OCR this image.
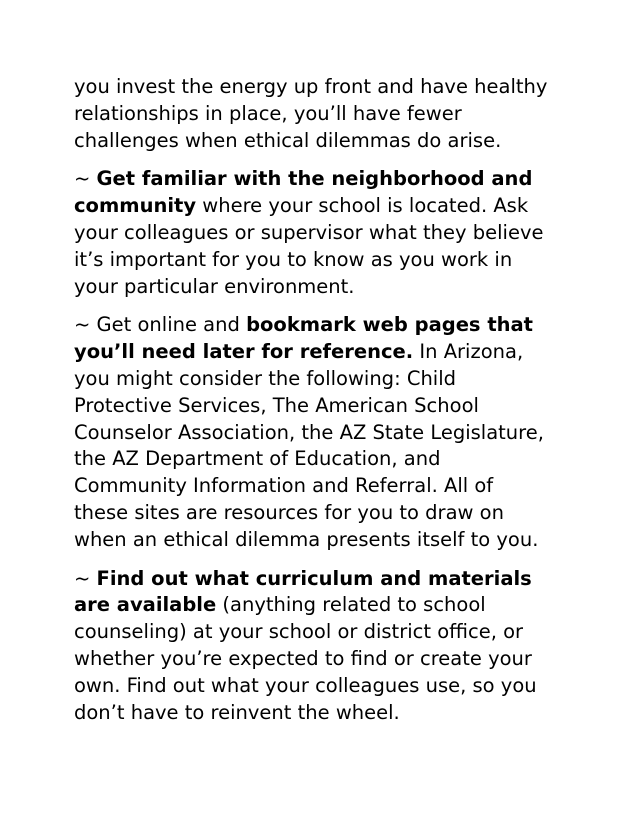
you invest the energy up front and have healthy
relationships in place, you’ll have fewer
challenges when ethical dilemmas do arise.

~ Get familiar with the neighborhood and
community where your school is located. Ask
your colleagues or supervisor what they believe
it’s important for you to know as you work in
your particular environment.

~ Get online and bookmark web pages that
you’ll need later for reference. In Arizona,
you might consider the following: Child
Protective Services, The American School
Counselor Association, the AZ State Legislature,
the AZ Department of Education, and
Community Information and Referral. All of
these sites are resources for you to draw on
when an ethical dilemma presents itself to you.

~ Find out what curriculum and materials
are available (anything related to school
counseling) at your school or district office, or
whether you’re expected to find or create your
own. Find out what your colleagues use, so you
don’t have to reinvent the wheel.
